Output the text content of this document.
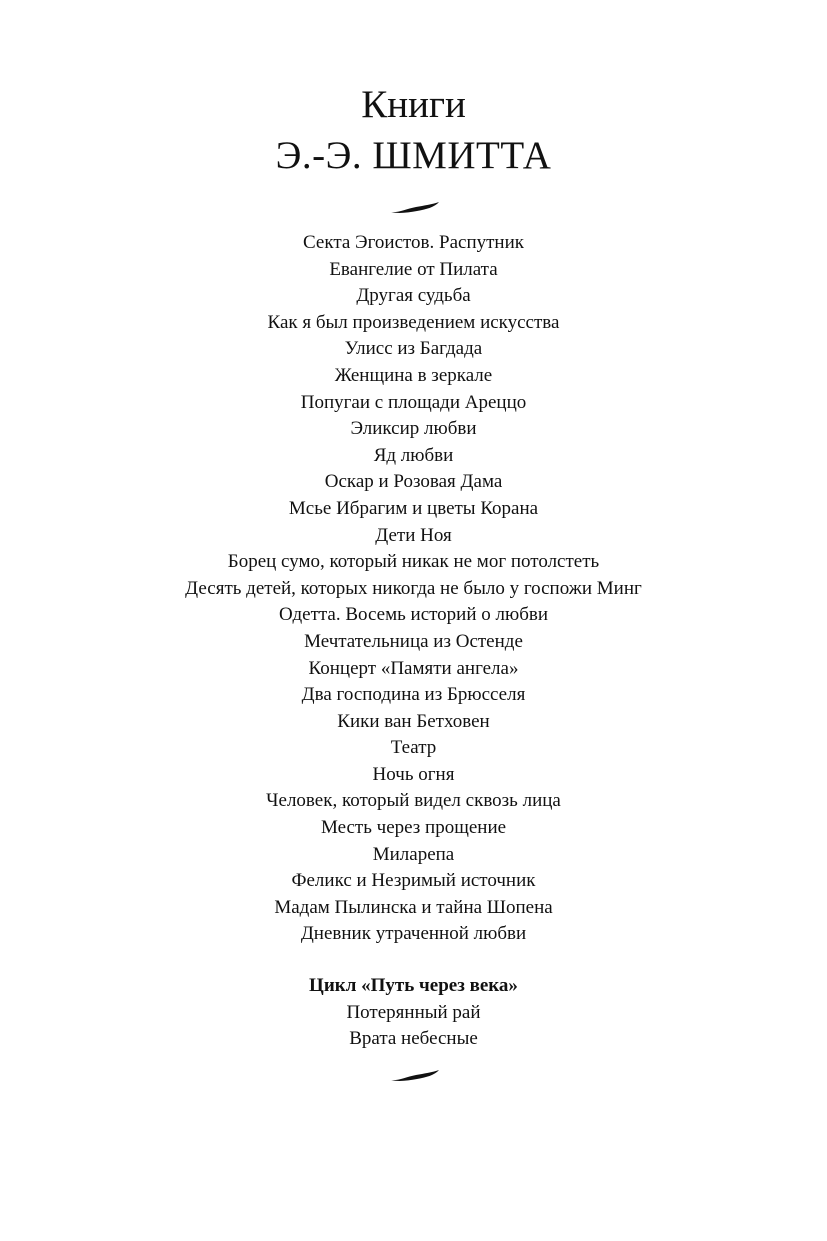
Книги
Э.-Э. ШМИТТА
Секта Эгоистов. Распутник
Евангелие от Пилата
Другая судьба
Как я был произведением искусства
Улисс из Багдада
Женщина в зеркале
Попугаи с площади Ареццо
Эликсир любви
Яд любви
Оскар и Розовая Дама
Мсье Ибрагим и цветы Корана
Дети Ноя
Борец сумо, который никак не мог потолстеть
Десять детей, которых никогда не было у госпожи Минг
Одетта. Восемь историй о любви
Мечтательница из Остенде
Концерт «Памяти ангела»
Два господина из Брюсселя
Кики ван Бетховен
Театр
Ночь огня
Человек, который видел сквозь лица
Месть через прощение
Миларепа
Феликс и Незримый источник
Мадам Пылинска и тайна Шопена
Дневник утраченной любви
Цикл «Путь через века»
Потерянный рай
Врата небесные
